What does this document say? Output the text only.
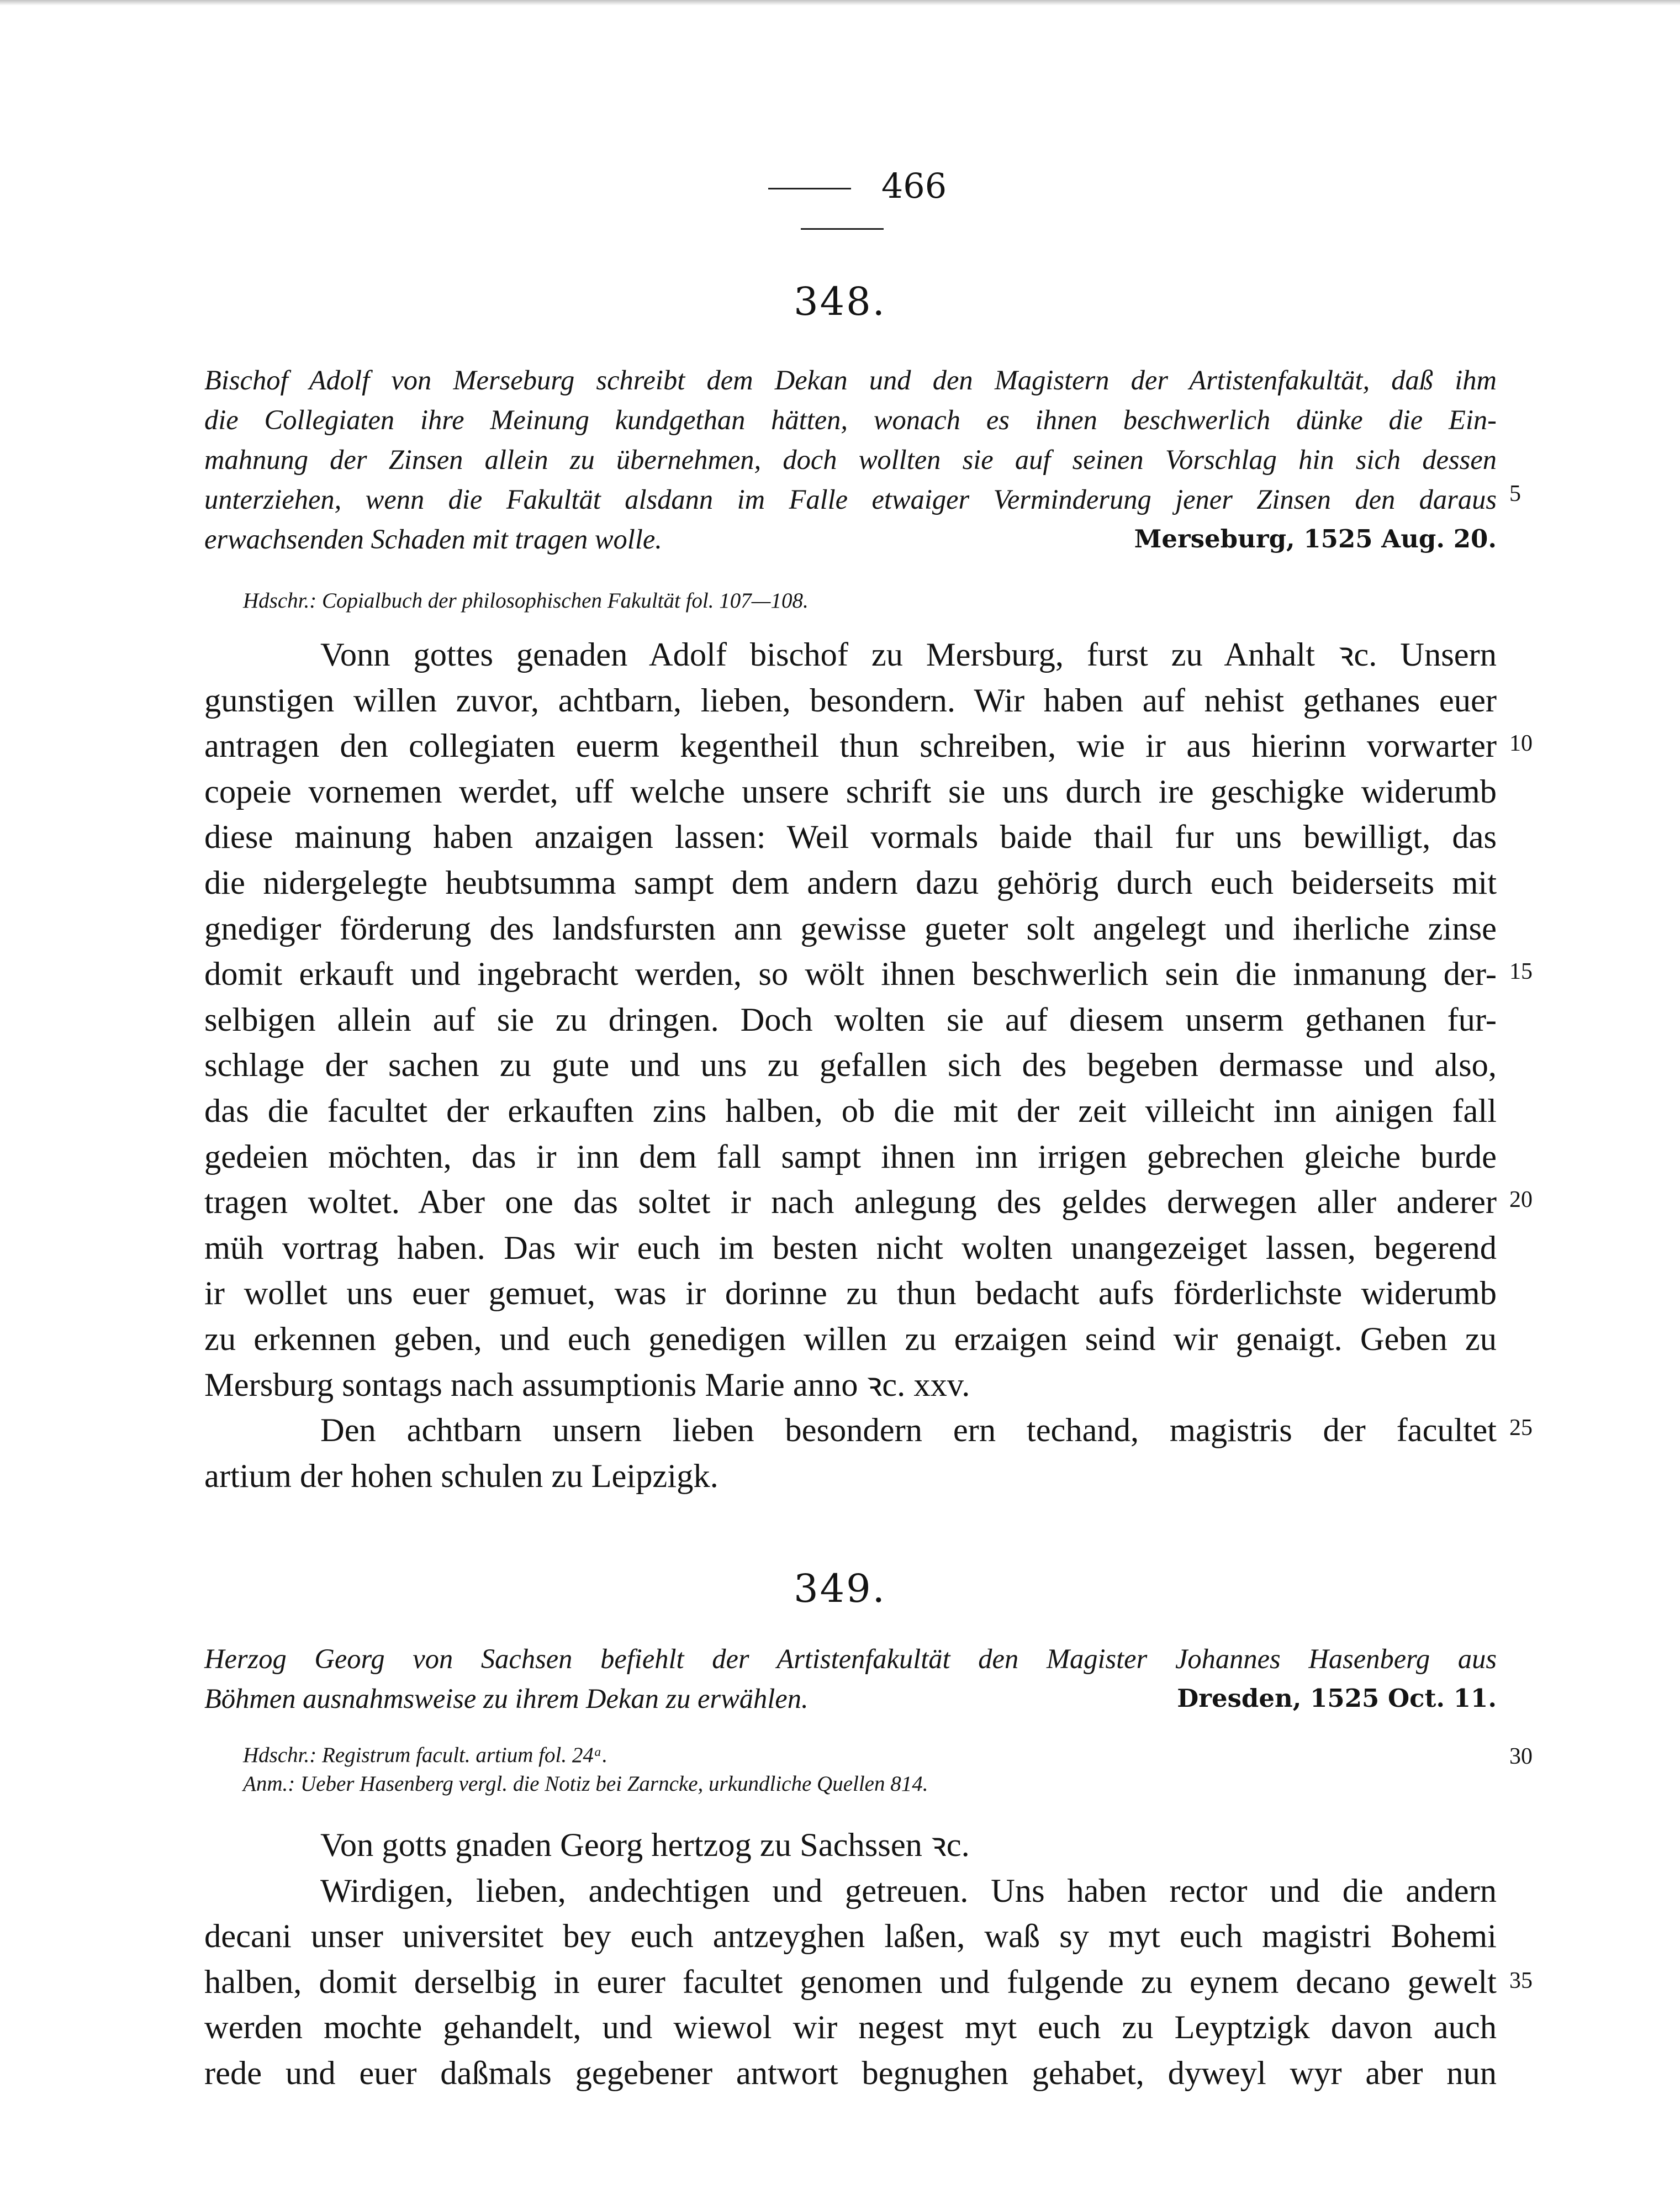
466
348.
Bischof Adolf von Merseburg schreibt dem Dekan und den Magistern der Artistenfakultät, daß ihm
die Collegiaten ihre Meinung kundgethan hätten, wonach es ihnen beschwerlich dünke die Ein-
mahnung der Zinsen allein zu übernehmen, doch wollten sie auf seinen Vorschlag hin sich dessen
unterziehen, wenn die Fakultät alsdann im Falle etwaiger Verminderung jener Zinsen den daraus
erwachsenden Schaden mit tragen wolle.	Merseburg, 1525 Aug. 20.
Hdschr.: Copialbuch der philosophischen Fakultät fol. 107—108.
Vonn gottes genaden Adolf bischof zu Mersburg, furst zu Anhalt ꝛc. Unsern
gunstigen willen zuvor, achtbarn, lieben, besondern. Wir haben auf nehist gethanes euer
antragen den collegiaten euerm kegentheil thun schreiben, wie ir aus hierinn vorwarter
copeie vornemen werdet, uff welche unsere schrift sie uns durch ire geschigke widerumb
diese mainung haben anzaigen lassen: Weil vormals baide thail fur uns bewilligt, das
die nidergelegte heubtsumma sampt dem andern dazu gehörig durch euch beiderseits mit
gnediger förderung des landsfursten ann gewisse gueter solt angelegt und iherliche zinse
domit erkauft und ingebracht werden, so wölt ihnen beschwerlich sein die inmanung der-
selbigen allein auf sie zu dringen. Doch wolten sie auf diesem unserm gethanen fur-
schlage der sachen zu gute und uns zu gefallen sich des begeben dermasse und also,
das die facultet der erkauften zins halben, ob die mit der zeit villeicht inn ainigen fall
gedeien möchten, das ir inn dem fall sampt ihnen inn irrigen gebrechen gleiche burde
tragen woltet. Aber one das soltet ir nach anlegung des geldes derwegen aller anderer
müh vortrag haben. Das wir euch im besten nicht wolten unangezeiget lassen, begerend
ir wollet uns euer gemuet, was ir dorinne zu thun bedacht aufs förderlichste widerumb
zu erkennen geben, und euch genedigen willen zu erzaigen seind wir genaigt. Geben zu
Mersburg sontags nach assumptionis Marie anno ꝛc. xxv.
Den achtbarn unsern lieben besondern ern techand, magistris der facultet
artium der hohen schulen zu Leipzigk.
349.
Herzog Georg von Sachsen befiehlt der Artistenfakultät den Magister Johannes Hasenberg aus
Böhmen ausnahmsweise zu ihrem Dekan zu erwählen.	Dresden, 1525 Oct. 11.
Hdschr.: Registrum facult. artium fol. 24ᵃ.
Anm.: Ueber Hasenberg vergl. die Notiz bei Zarncke, urkundliche Quellen 814.
Von gotts gnaden Georg hertzog zu Sachssen ꝛc.
Wirdigen, lieben, andechtigen und getreuen. Uns haben rector und die andern
decani unser universitet bey euch antzeyghen laßen, waß sy myt euch magistri Bohemi
halben, domit derselbig in eurer facultet genomen und fulgende zu eynem decano gewelt
werden mochte gehandelt, und wiewol wir negest myt euch zu Leyptzigk davon auch
rede und euer daßmals gegebener antwort begnughen gehabet, dyweyl wyr aber nun
5
10
15
20
25
30
35
